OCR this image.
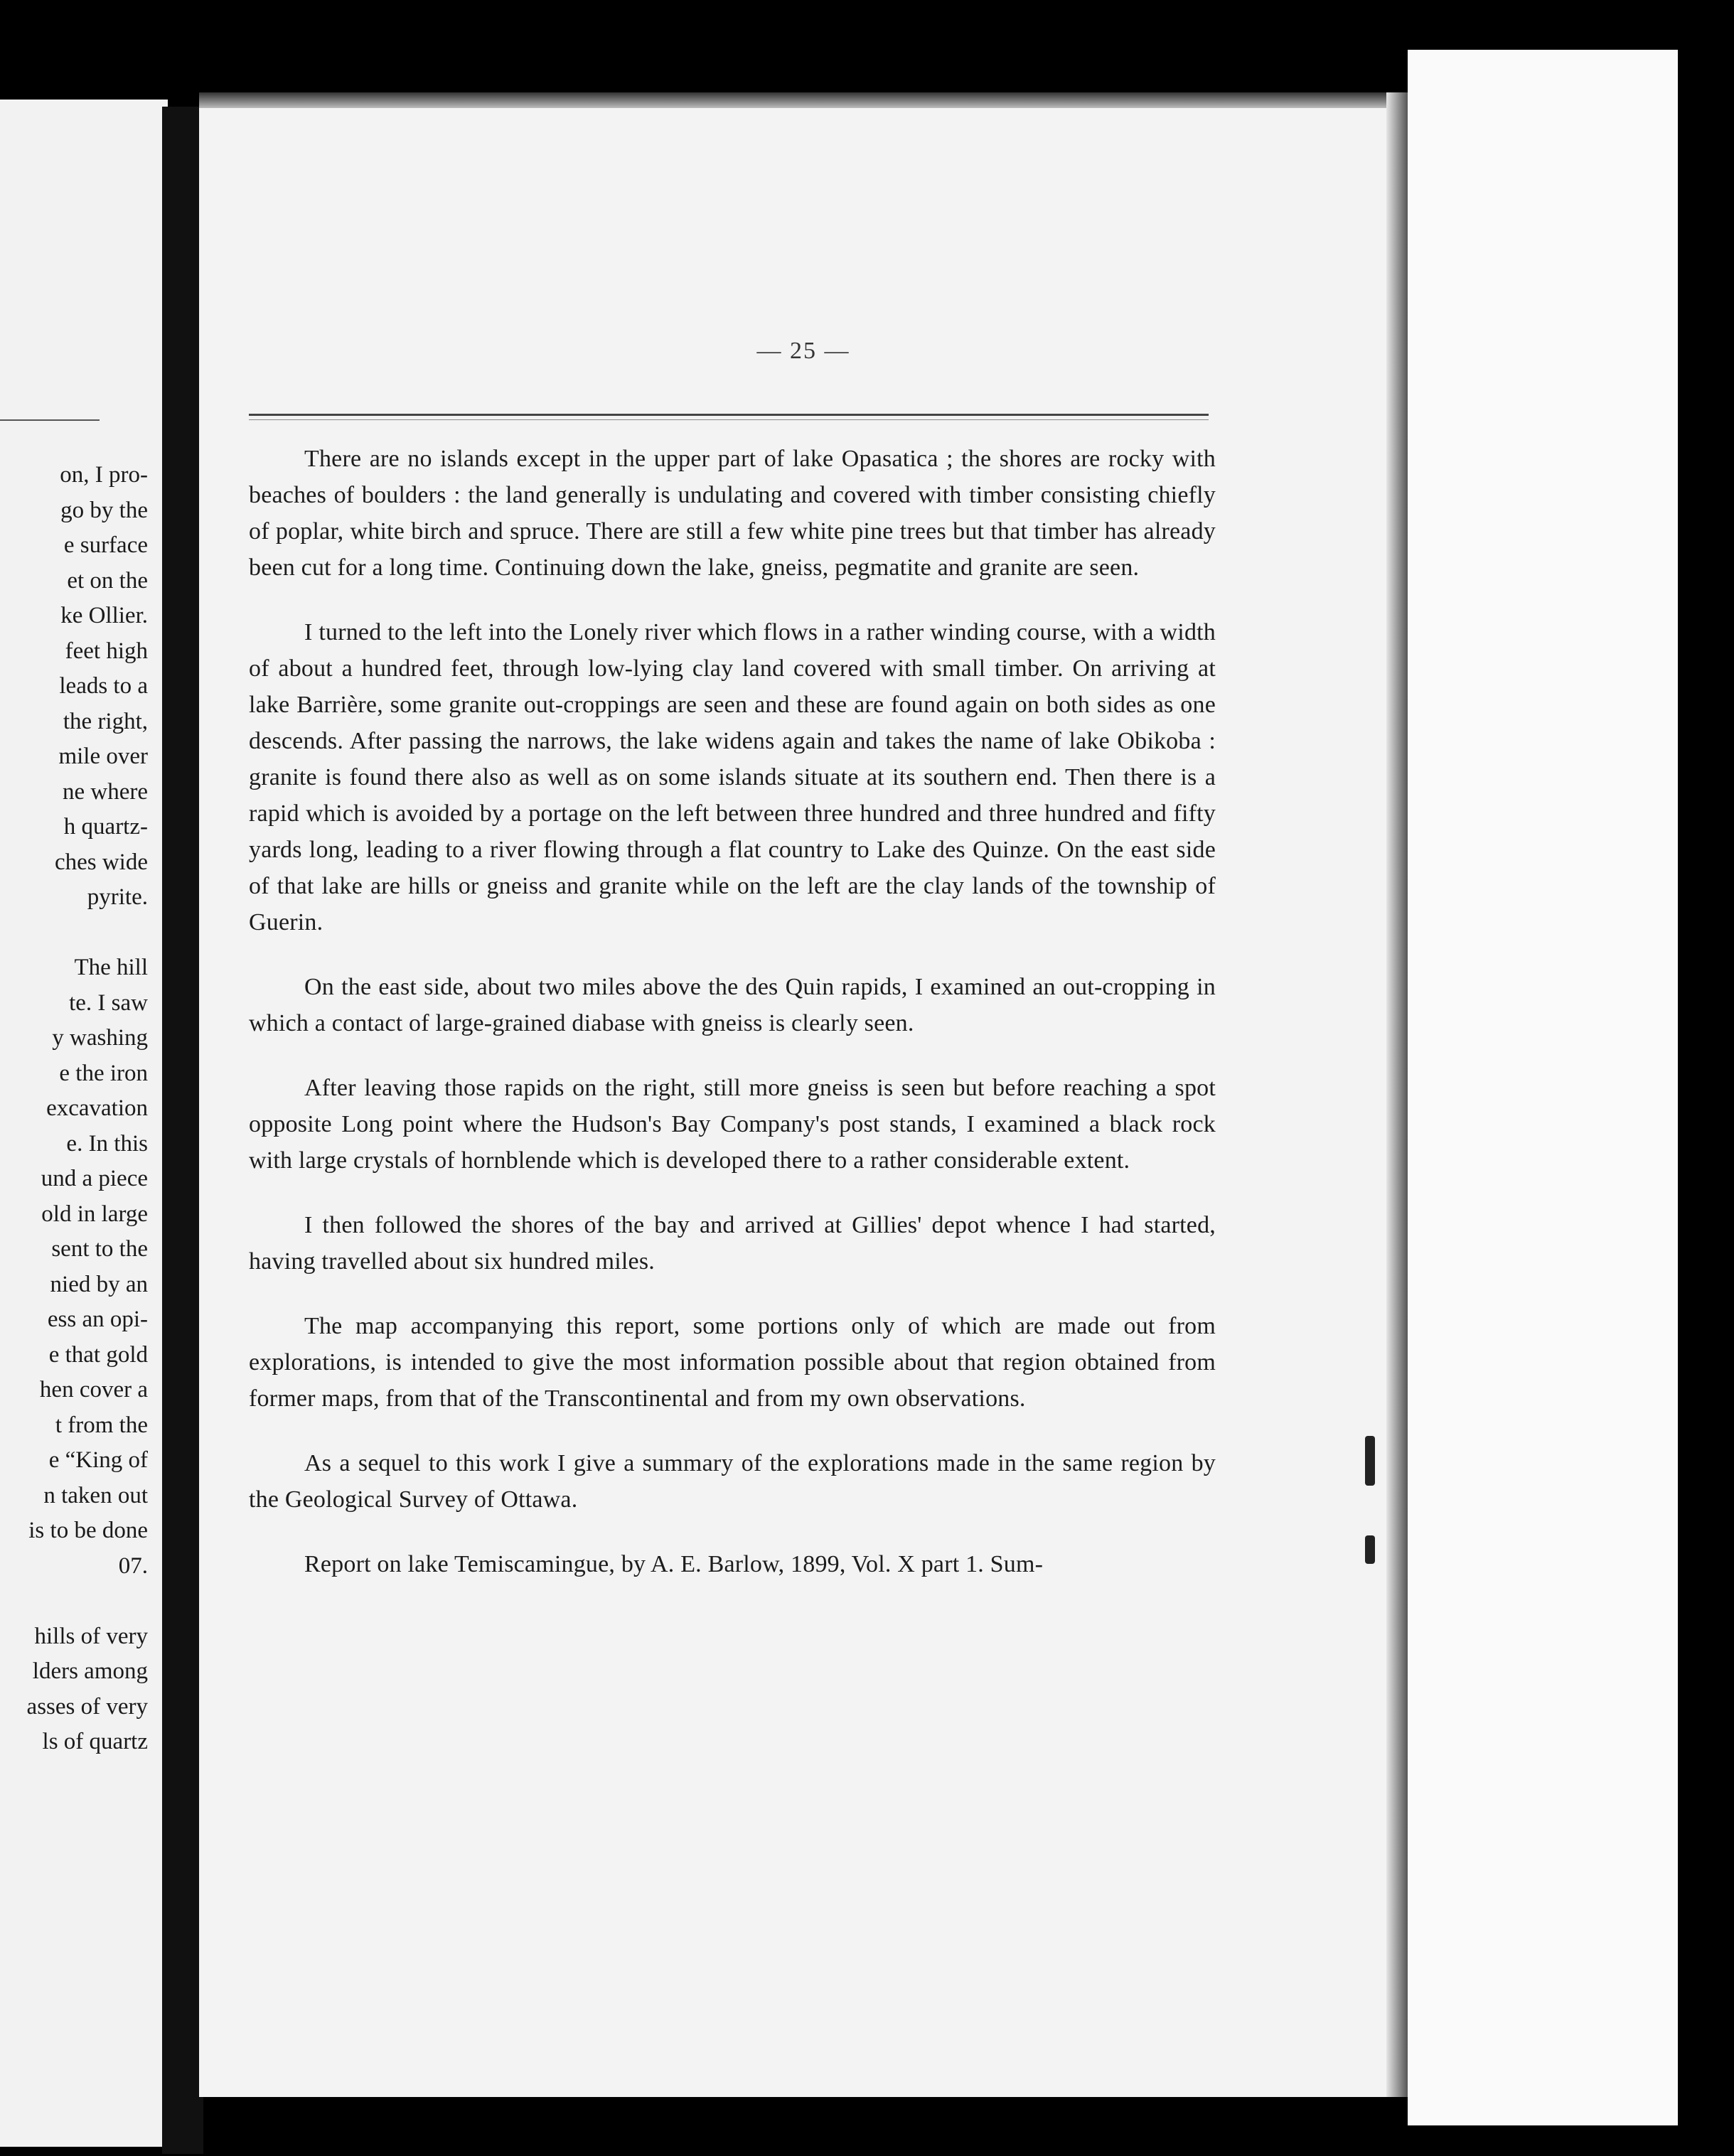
on, I pro-
go by the
e surface
et on the
ke Ollier.
feet high
leads to a
the right,
mile over
ne where
h quartz-
ches wide
pyrite.
The hill
te. I saw
y washing
e the iron
excavation
e. In this
und a piece
old in large
sent to the
nied by an
ess an opi-
e that gold
hen cover a
t from the
e “King of
n taken out
is to be done
07.
hills of very
lders among
asses of very
ls of quartz
— 25 —

There are no islands except in the upper part of lake Opasatica ; the shores are rocky with beaches of boulders : the land generally is undulating and covered with timber consisting chiefly of poplar, white birch and spruce. There are still a few white pine trees but that timber has already been cut for a long time. Continuing down the lake, gneiss, pegmatite and granite are seen.

I turned to the left into the Lonely river which flows in a rather winding course, with a width of about a hundred feet, through low-lying clay land covered with small timber. On arriving at lake Barrière, some granite out-croppings are seen and these are found again on both sides as one descends. After passing the narrows, the lake widens again and takes the name of lake Obikoba : granite is found there also as well as on some islands situate at its southern end. Then there is a rapid which is avoided by a portage on the left between three hundred and three hundred and fifty yards long, leading to a river flowing through a flat country to Lake des Quinze. On the east side of that lake are hills or gneiss and granite while on the left are the clay lands of the township of Guerin.

On the east side, about two miles above the des Quin rapids, I examined an out-cropping in which a contact of large-grained diabase with gneiss is clearly seen.

After leaving those rapids on the right, still more gneiss is seen but before reaching a spot opposite Long point where the Hudson's Bay Company's post stands, I examined a black rock with large crystals of hornblende which is developed there to a rather considerable extent.

I then followed the shores of the bay and arrived at Gillies' depot whence I had started, having travelled about six hundred miles.

The map accompanying this report, some portions only of which are made out from explorations, is intended to give the most information possible about that region obtained from former maps, from that of the Transcontinental and from my own observations.

As a sequel to this work I give a summary of the explorations made in the same region by the Geological Survey of Ottawa.

Report on lake Temiscamingue, by A. E. Barlow, 1899, Vol. X part 1. Sum-
